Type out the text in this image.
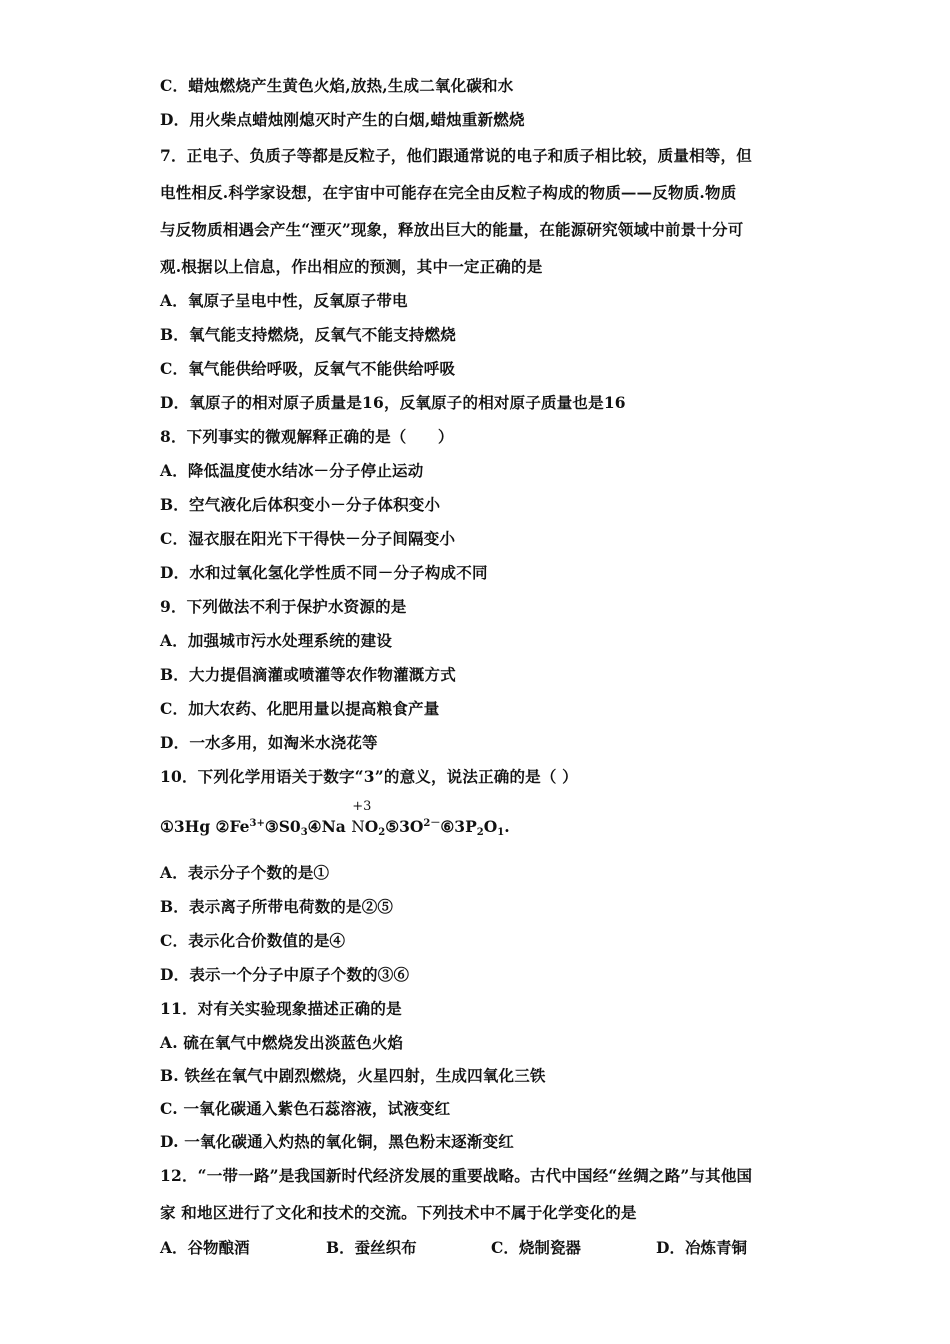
C．蜡烛燃烧产生黄色火焰,放热,生成二氧化碳和水
D．用火柴点蜡烛刚熄灭时产生的白烟,蜡烛重新燃烧
7．正电子、负质子等都是反粒子，他们跟通常说的电子和质子相比较，质量相等，但
电性相反.科学家设想，在宇宙中可能存在完全由反粒子构成的物质——反物质.物质
与反物质相遇会产生“湮灭”现象，释放出巨大的能量，在能源研究领域中前景十分可
观.根据以上信息，作出相应的预测，其中一定正确的是
A．氧原子呈电中性，反氧原子带电
B．氧气能支持燃烧，反氧气不能支持燃烧
C．氧气能供给呼吸，反氧气不能供给呼吸
D．氧原子的相对原子质量是16，反氧原子的相对原子质量也是16
8．下列事实的微观解释正确的是（　　）
A．降低温度使水结冰－分子停止运动
B．空气液化后体积变小－分子体积变小
C．湿衣服在阳光下干得快－分子间隔变小
D．水和过氧化氢化学性质不同－分子构成不同
9．下列做法不利于保护水资源的是
A．加强城市污水处理系统的建设
B．大力提倡滴灌或喷灌等农作物灌溉方式
C．加大农药、化肥用量以提高粮食产量
D．一水多用，如淘米水浇花等
10．下列化学用语关于数字“3”的意义，说法正确的是（ ）
①3Hg $②Fe^{3+}③S0_3④Na$
+3
$NO_2⑤3O^{2-}⑥3P_2O_1$.
A．表示分子个数的是①
B．表示离子所带电荷数的是②⑤
C．表示化合价数值的是④
D．表示一个分子中原子个数的③⑥
11．对有关实验现象描述正确的是
A. 硫在氧气中燃烧发出淡蓝色火焰
B. 铁丝在氧气中剧烈燃烧，火星四射，生成四氧化三铁
C. 一氧化碳通入紫色石蕊溶液，试液变红
D. 一氧化碳通入灼热的氧化铜，黑色粉末逐渐变红
12．“一带一路”是我国新时代经济发展的重要战略。古代中国经“丝绸之路”与其他国
家 和地区进行了文化和技术的交流。下列技术中不属于化学变化的是
A．谷物酿酒	B．蚕丝织布	C．烧制瓷器	D．冶炼青铜
